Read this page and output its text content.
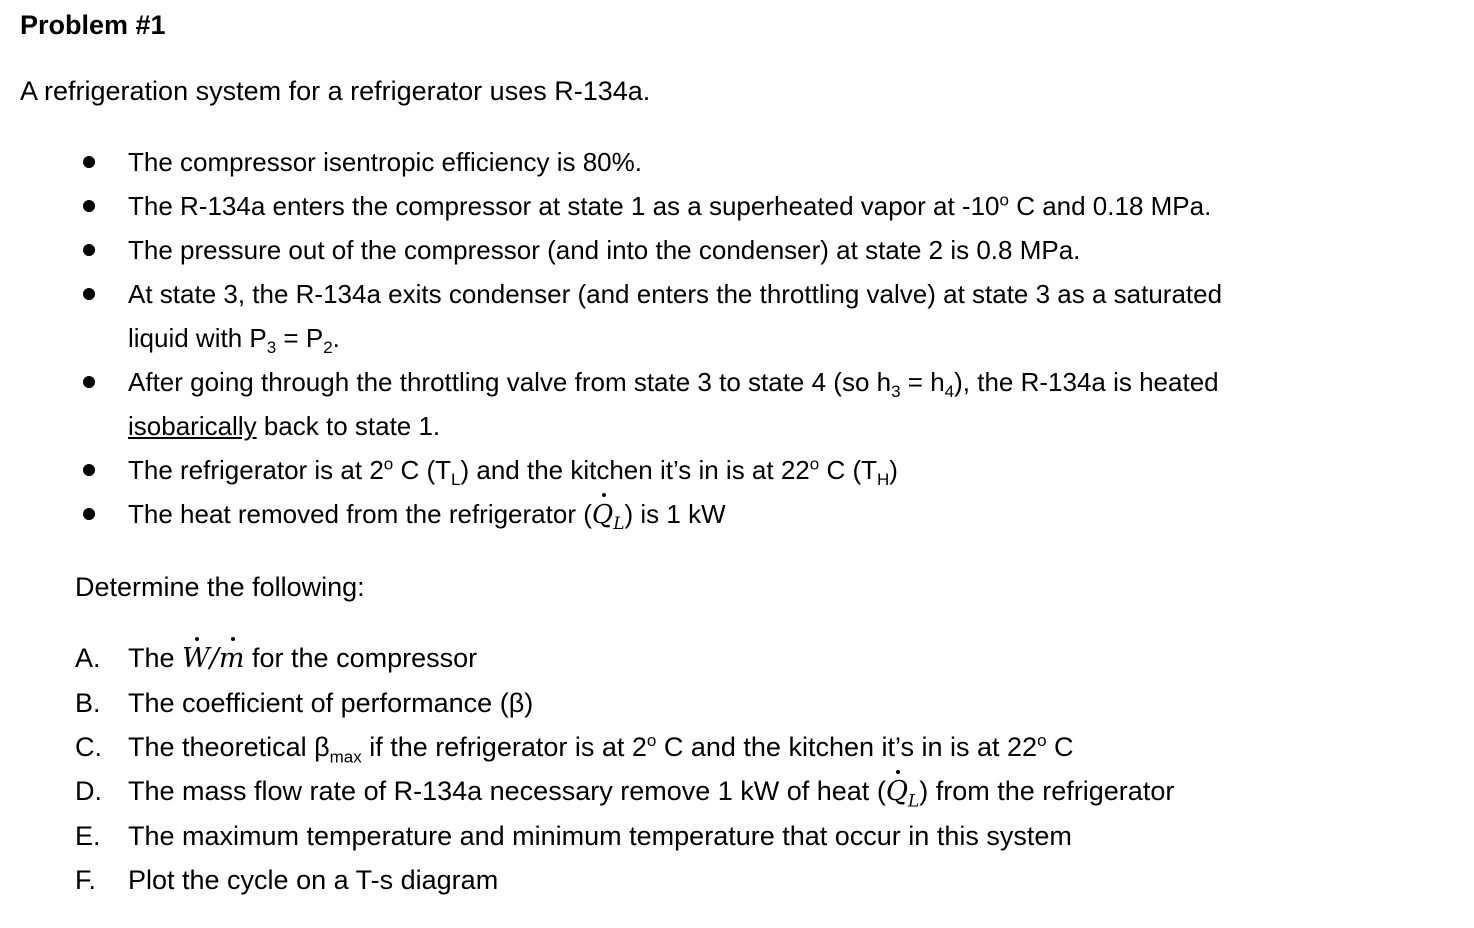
Problem #1
A refrigeration system for a refrigerator uses R-134a.
The compressor isentropic efficiency is 80%.
The R-134a enters the compressor at state 1 as a superheated vapor at -10$^o$ C and 0.18 MPa.
The pressure out of the compressor (and into the condenser) at state 2 is 0.8 MPa.
At state 3, the R-134a exits condenser (and enters the throttling valve) at state 3 as a saturated
liquid with $P_3 = P_2$.
After going through the throttling valve from state 3 to state 4 (so $h_3 = h_4$), the R-134a is heated
isobarically back to state 1.
The refrigerator is at 2$^o$ C $(T_L)$ and the kitchen it’s in is at 22$^o$ C $(T_H)$
The heat removed from the refrigerator $(Q_L)$ is 1 kW
Determine the following:
A. The W/m for the compressor
B. The coefficient of performance (β)
C. The theoretical $\beta_{max}$ if the refrigerator is at 2$^o$ C and the kitchen it’s in is at 22$^o$ C
D. The mass flow rate of R-134a necessary remove 1 kW of heat $(Q_L)$ from the refrigerator
E. The maximum temperature and minimum temperature that occur in this system
F. Plot the cycle on a T-s diagram
